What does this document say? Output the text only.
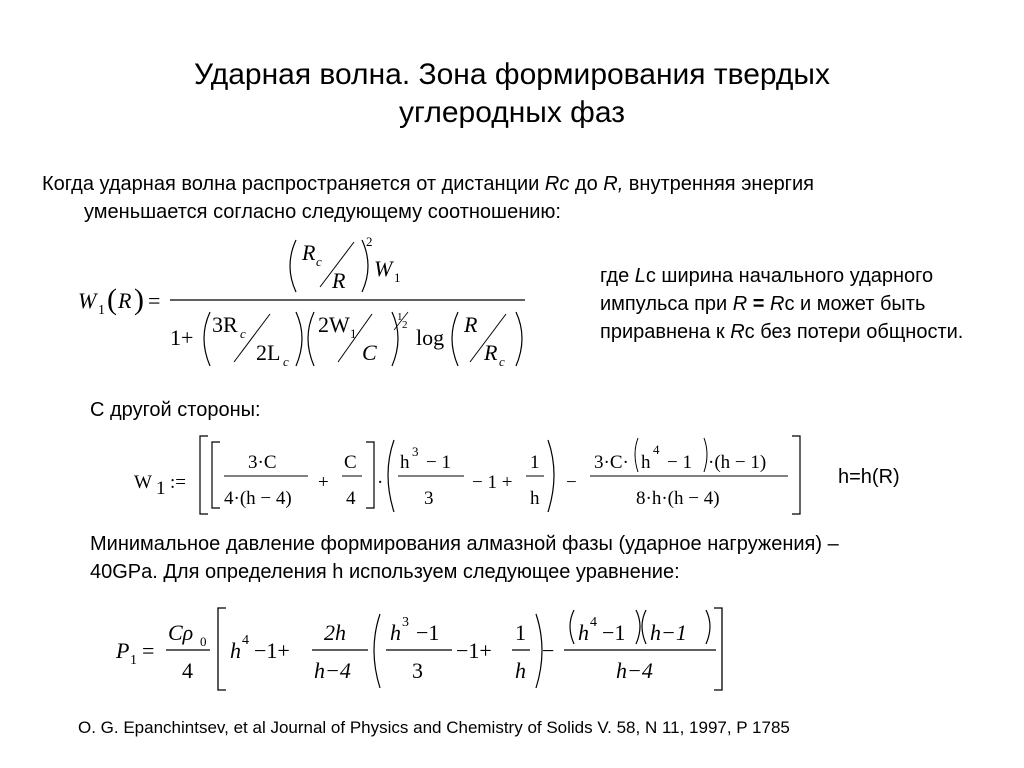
Ударная волна. Зона формирования твердых
углеродных фаз
Когда ударная волна распространяется от дистанции Rc до R, внутренняя энергия
уменьшается согласно следующему соотношению:
W 1 ( R ) =
R c
R
2
W 1
1+
3R c
2L c
2W 1
C
1
2 log
R
R c
где Lc ширина начального ударного
импульса при R = Rc и может быть
приравнена к Rc без потери общности.
С другой стороны:
W 1 :=
3·C
4·(h − 4)
+
C
4
·
h
3
− 1
3
− 1 +
1
h
−
3·C· h
4
− 1 ·(h − 1)
8·h·(h − 4)
h=h(R)
Минимальное давление формирования алмазной фазы (ударное нагружения) –
40GPa. Для определения h используем следующее уравнение:
P 1 =
Cρ 0
4
h 4 −1+
2h
h−4
h 3 −1
3
−1+
1
h
−
h 4 −1 h−1
h−4
O. G. Epanchintsev, et al Journal of Physics and Chemistry of Solids V. 58, N 11, 1997, P 1785
